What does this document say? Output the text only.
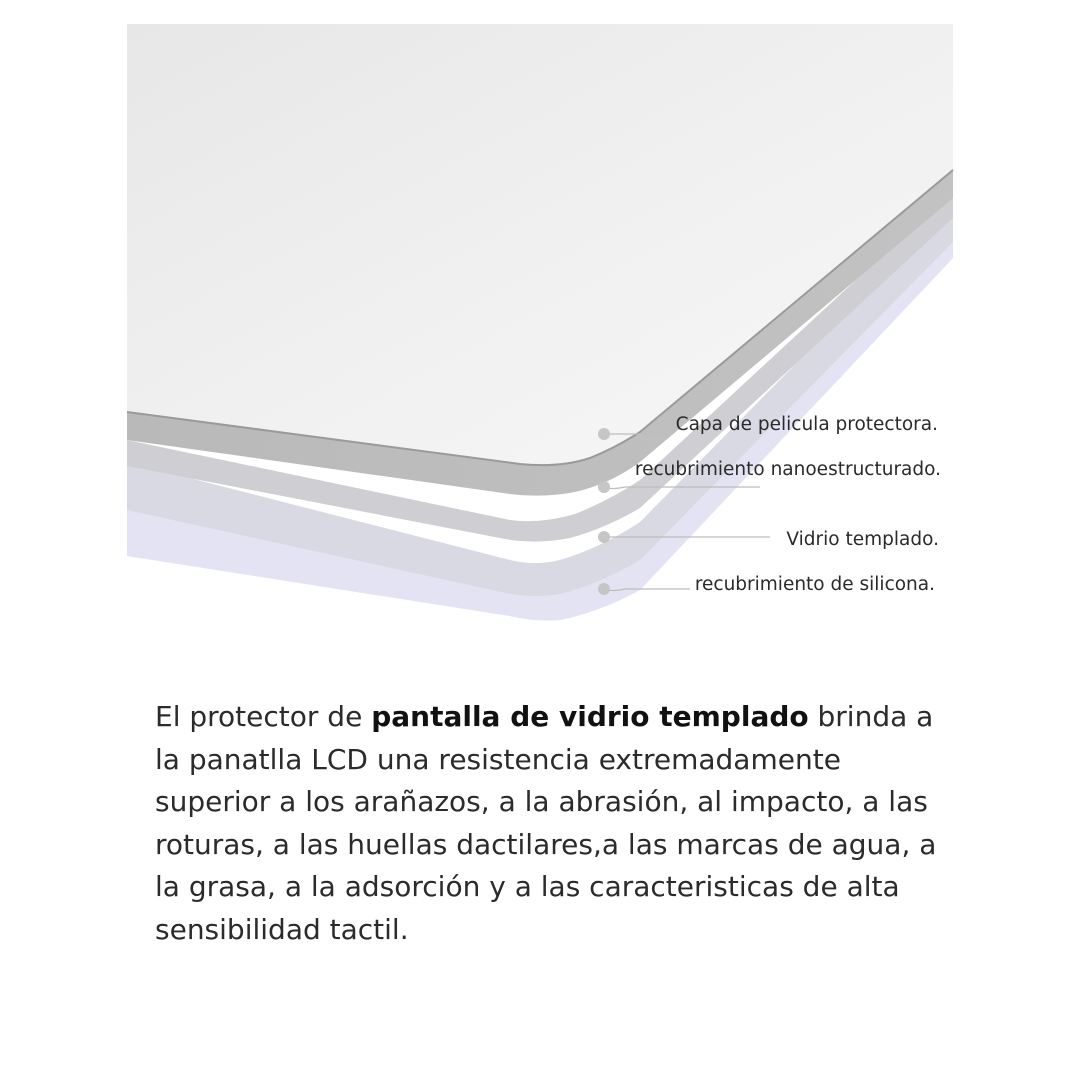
Capa de pelicula protectora.
recubrimiento nanoestructurado.
Vidrio templado.
recubrimiento de silicona.

El protector de pantalla de vidrio templado brinda a la panatlla LCD una resistencia extremadamente superior a los arañazos, a la abrasión, al impacto, a las roturas, a las huellas dactilares,a las marcas de agua, a la grasa, a la adsorción y a las caracteristicas de alta sensibilidad tactil.
